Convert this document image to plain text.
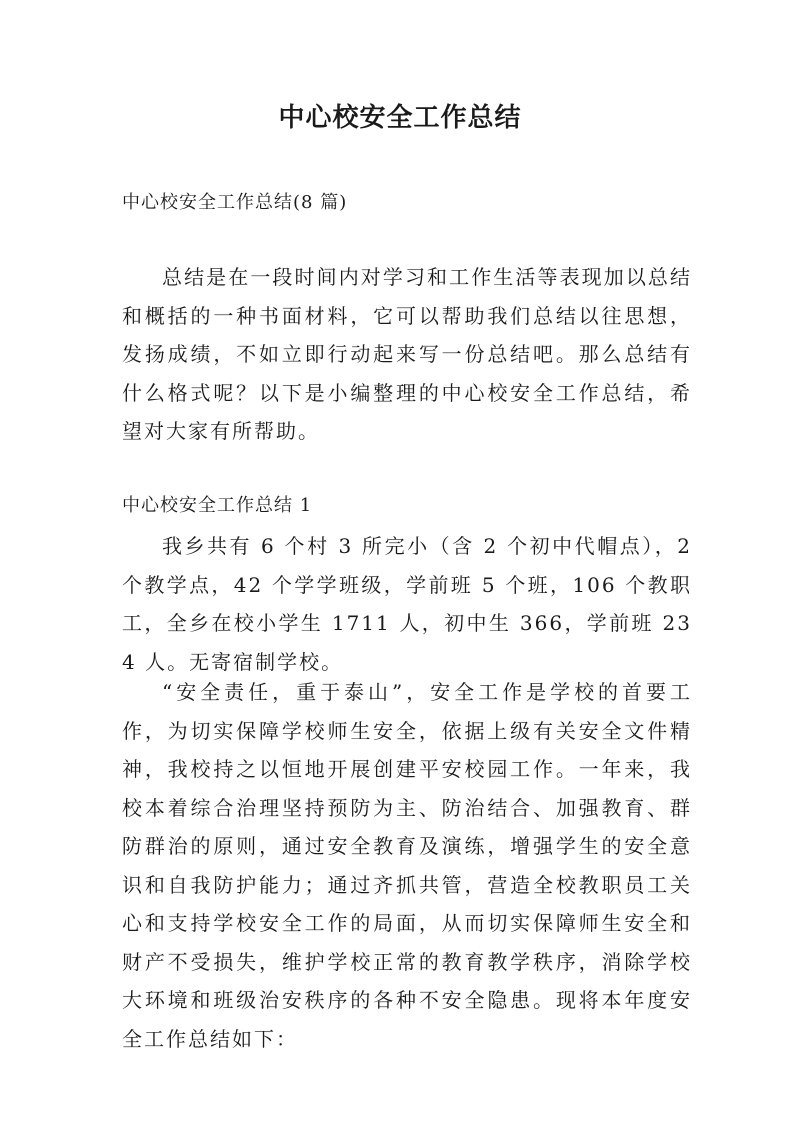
中心校安全工作总结

中心校安全工作总结(8 篇)

总结是在一段时间内对学习和工作生活等表现加以总结和概括的一种书面材料，它可以帮助我们总结以往思想，发扬成绩，不如立即行动起来写一份总结吧。那么总结有什么格式呢？以下是小编整理的中心校安全工作总结，希望对大家有所帮助。

中心校安全工作总结 1

我乡共有 6 个村 3 所完小（含 2 个初中代帽点），2 个教学点，42 个学学班级，学前班 5 个班，106 个教职工，全乡在校小学生 1711 人，初中生 366，学前班 234 人。无寄宿制学校。

“安全责任，重于泰山”，安全工作是学校的首要工作，为切实保障学校师生安全，依据上级有关安全文件精神，我校持之以恒地开展创建平安校园工作。一年来，我校本着综合治理坚持预防为主、防治结合、加强教育、群防群治的原则，通过安全教育及演练，增强学生的安全意识和自我防护能力；通过齐抓共管，营造全校教职员工关心和支持学校安全工作的局面，从而切实保障师生安全和财产不受损失，维护学校正常的教育教学秩序，消除学校大环境和班级治安秩序的各种不安全隐患。现将本年度安全工作总结如下：
